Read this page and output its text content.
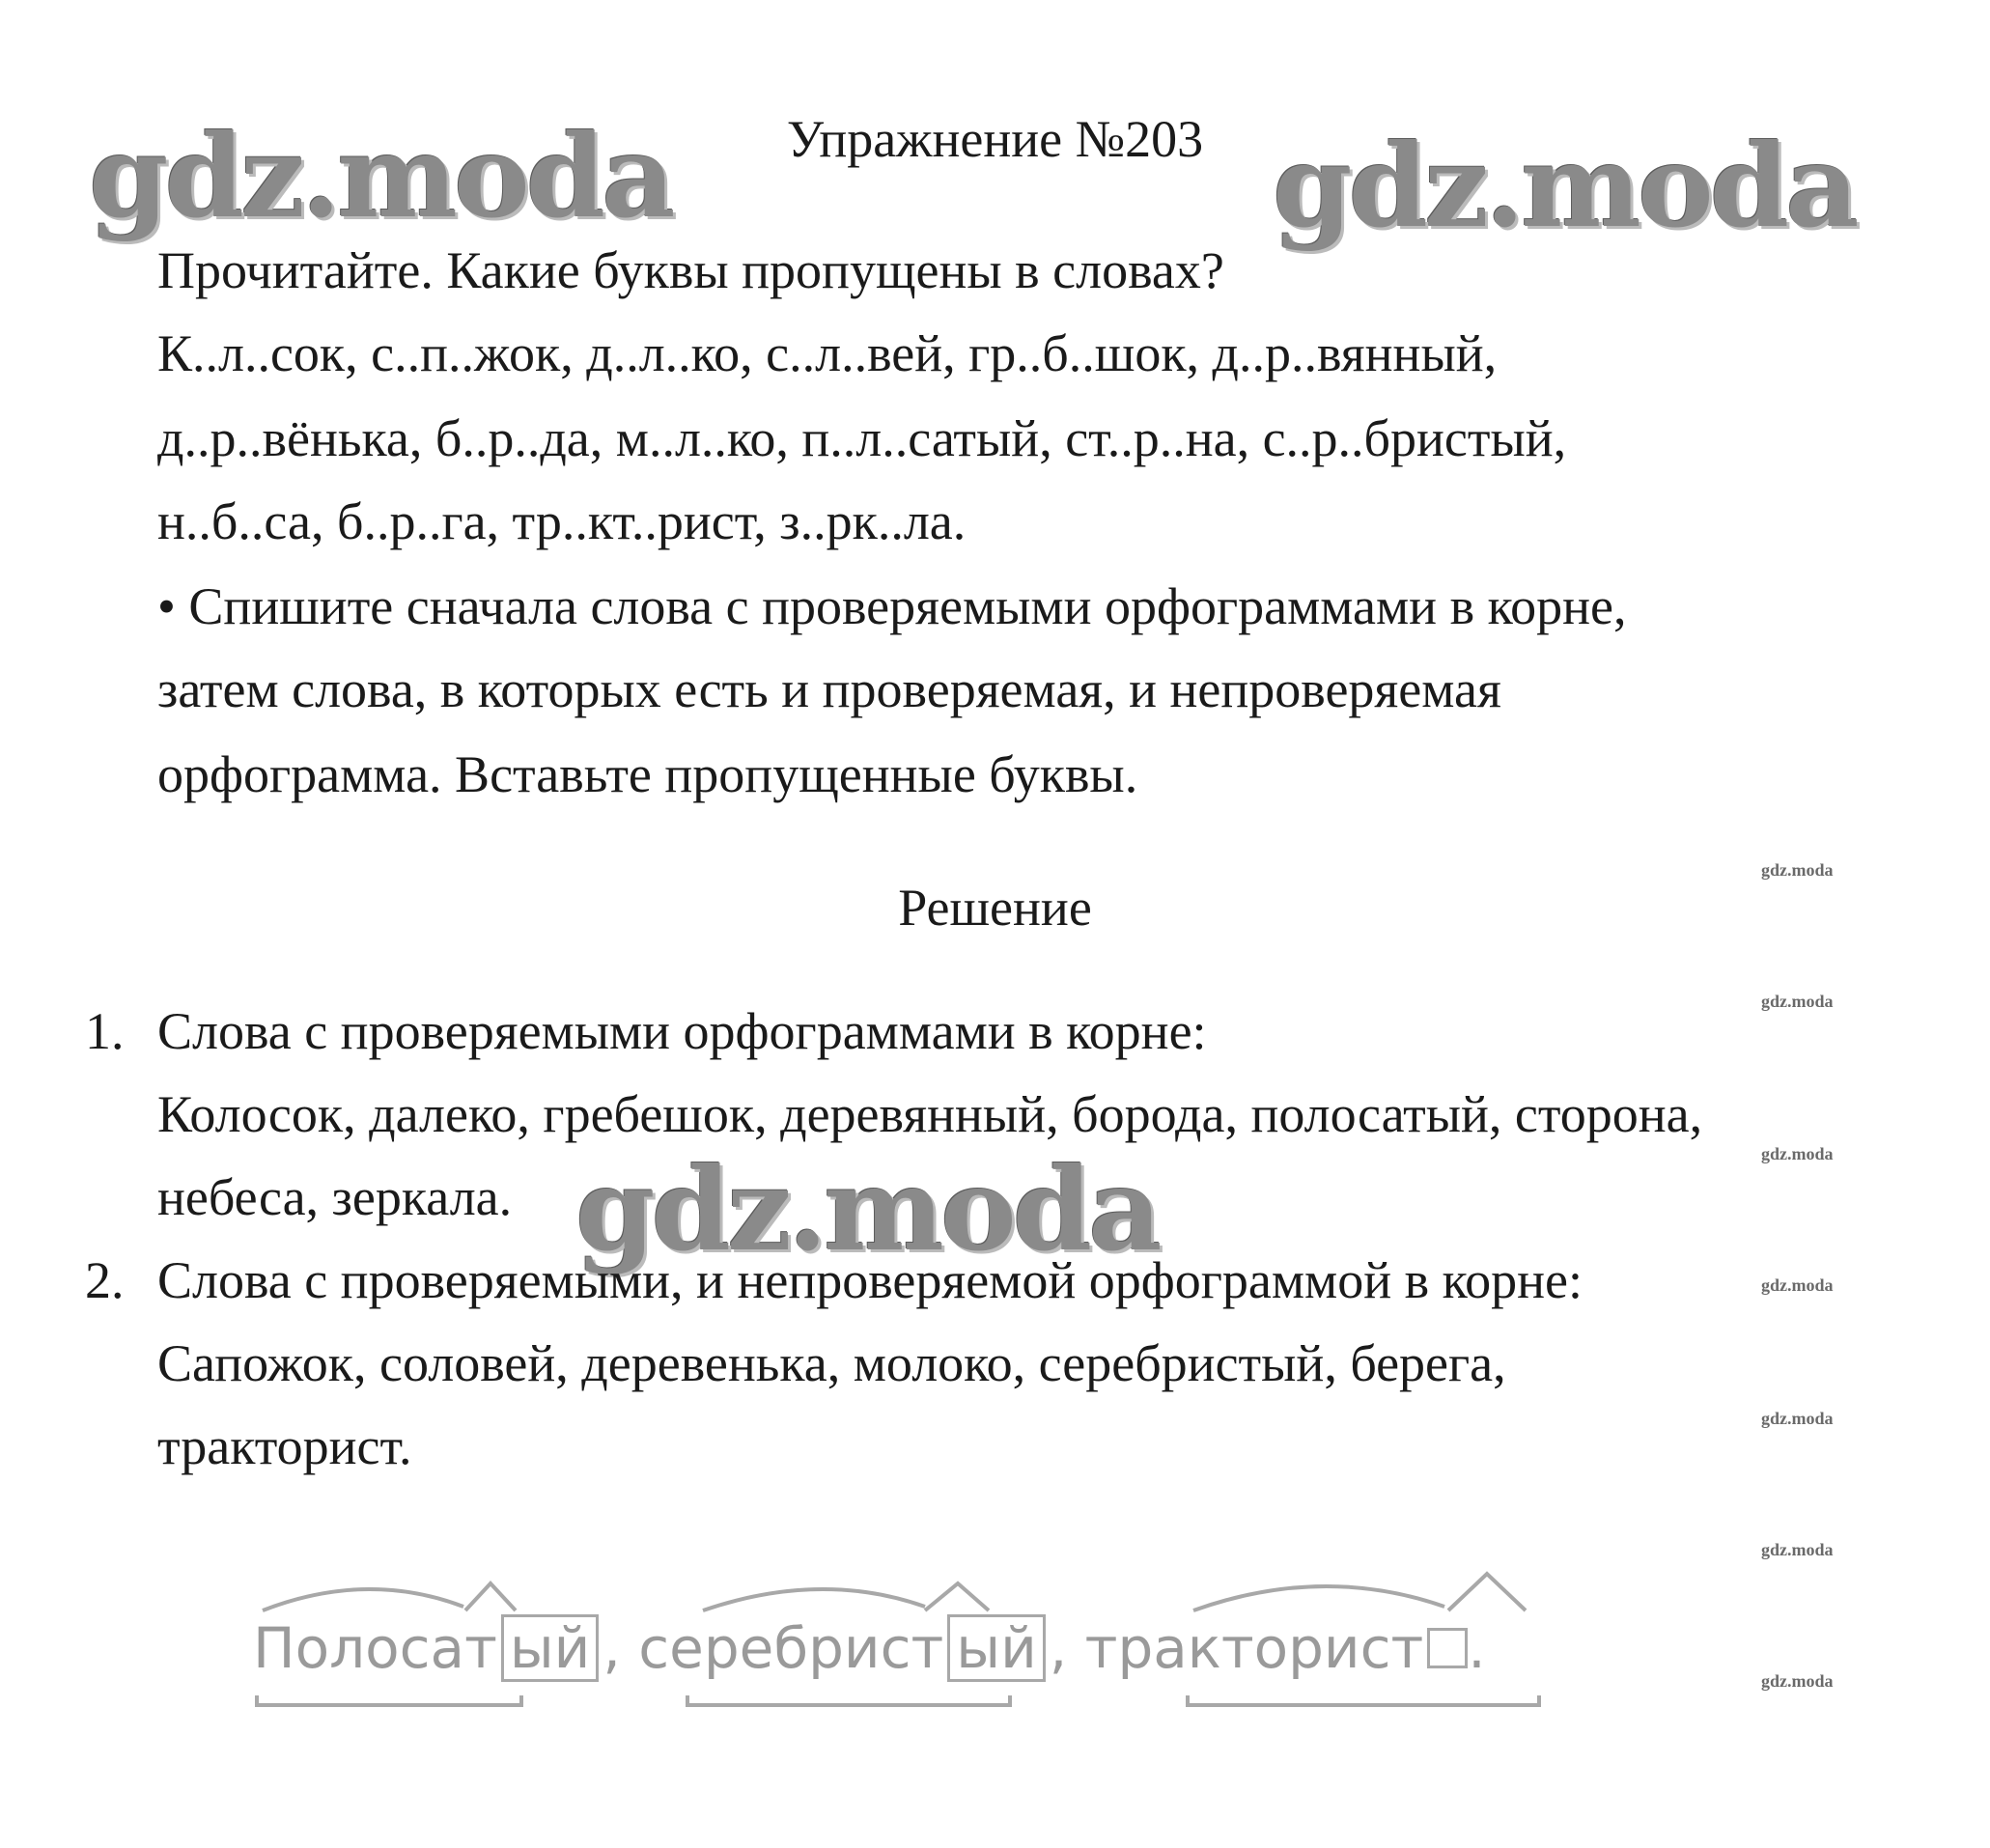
gdz.moda	gdz.moda
gdz.moda
gdz.moda
gdz.moda
gdz.moda
gdz.moda
gdz.moda
gdz.moda
gdz.moda
Упражнение №203
Прочитайте. Какие буквы пропущены в словах?
К..л..сок, с..п..жок, д..л..ко, с..л..вей, гр..б..шок, д..р..вянный,
д..р..вёнька, б..р..да, м..л..ко, п..л..сатый, ст..р..на, с..р..бристый,
н..б..са, б..р..га, тр..кт..рист, з..рк..ла.
• Спишите сначала слова с проверяемыми орфограммами в корне,
затем слова, в которых есть и проверяемая, и непроверяемая
орфограмма. Вставьте пропущенные буквы.
Решение
1. Слова с проверяемыми орфограммами в корне:
Колосок, далеко, гребешок, деревянный, борода, полосатый, сторона,
небеса, зеркала.
2. Слова с проверяемыми, и непроверяемой орфограммой в корне:
Сапожок, соловей, деревенька, молоко, серебристый, берега,
тракторист.
Полосат ый , серебрист ый , тракторист .
